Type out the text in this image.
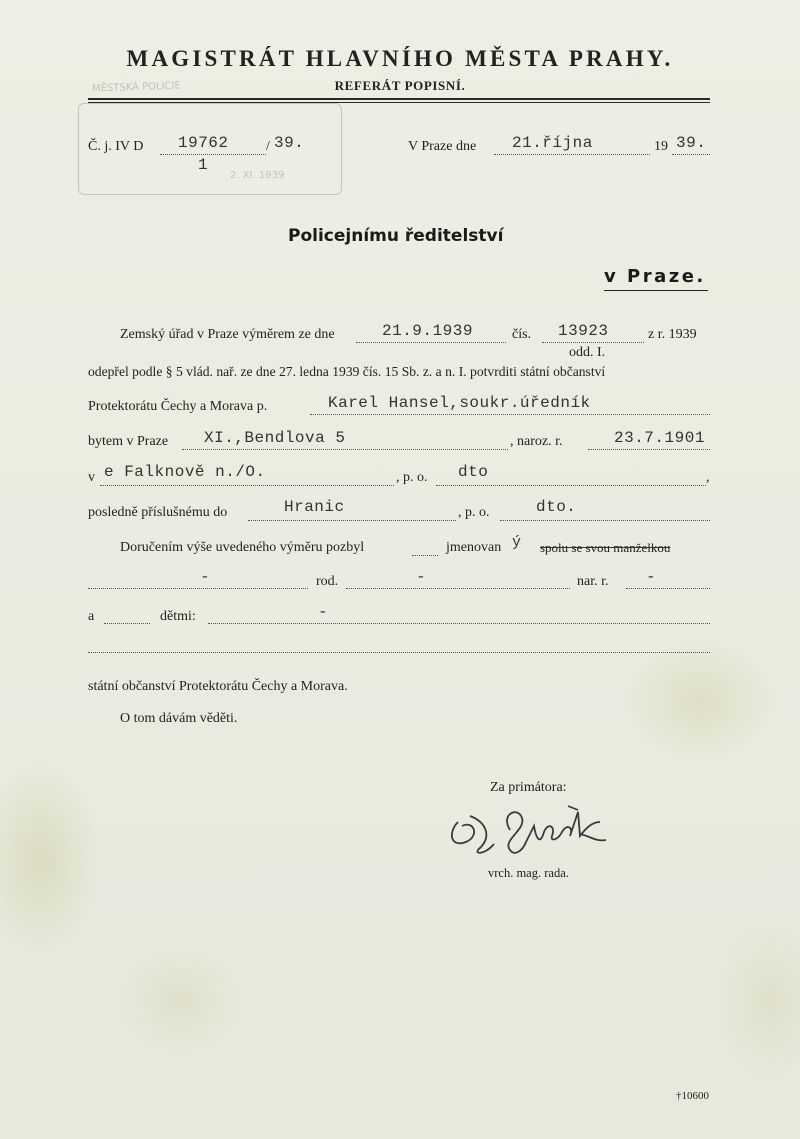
MĚSTSKÁ POLICIE
2. XI. 1939
MAGISTRÁT HLAVNÍHO MĚSTA PRAHY.
REFERÁT POPISNÍ.
Č. j. IV D 19762	/ 39.
1
V Praze dne 21.října	19 39.
Policejnímu ředitelství
v Praze.
Zemský úřad v Praze výměrem ze dne	21.9.1939	čís. 13923	z r. 1939
odd. I.
odepřel podle § 5 vlád. nař. ze dne 27. ledna 1939 čís. 15 Sb. z. a n. I. potvrditi státní občanství
Protektorátu Čechy a Morava p.	Karel Hansel,soukr.úředník
bytem v Praze XI.,Bendlova 5	, naroz. r.	23.7.1901
v e Falknově n./O.	, p. o. dto	,
posledně příslušnému do	Hranic	, p. o.	dto.
Doručením výše uvedeného výměru pozbyl	jmenovan ý spolu se svou manželkou
-	rod.	-	nar. r. -
a	dětmi:	-
státní občanství Protektorátu Čechy a Morava.
O tom dávám věděti.
Za primátora:
vrch. mag. rada.
†10600
